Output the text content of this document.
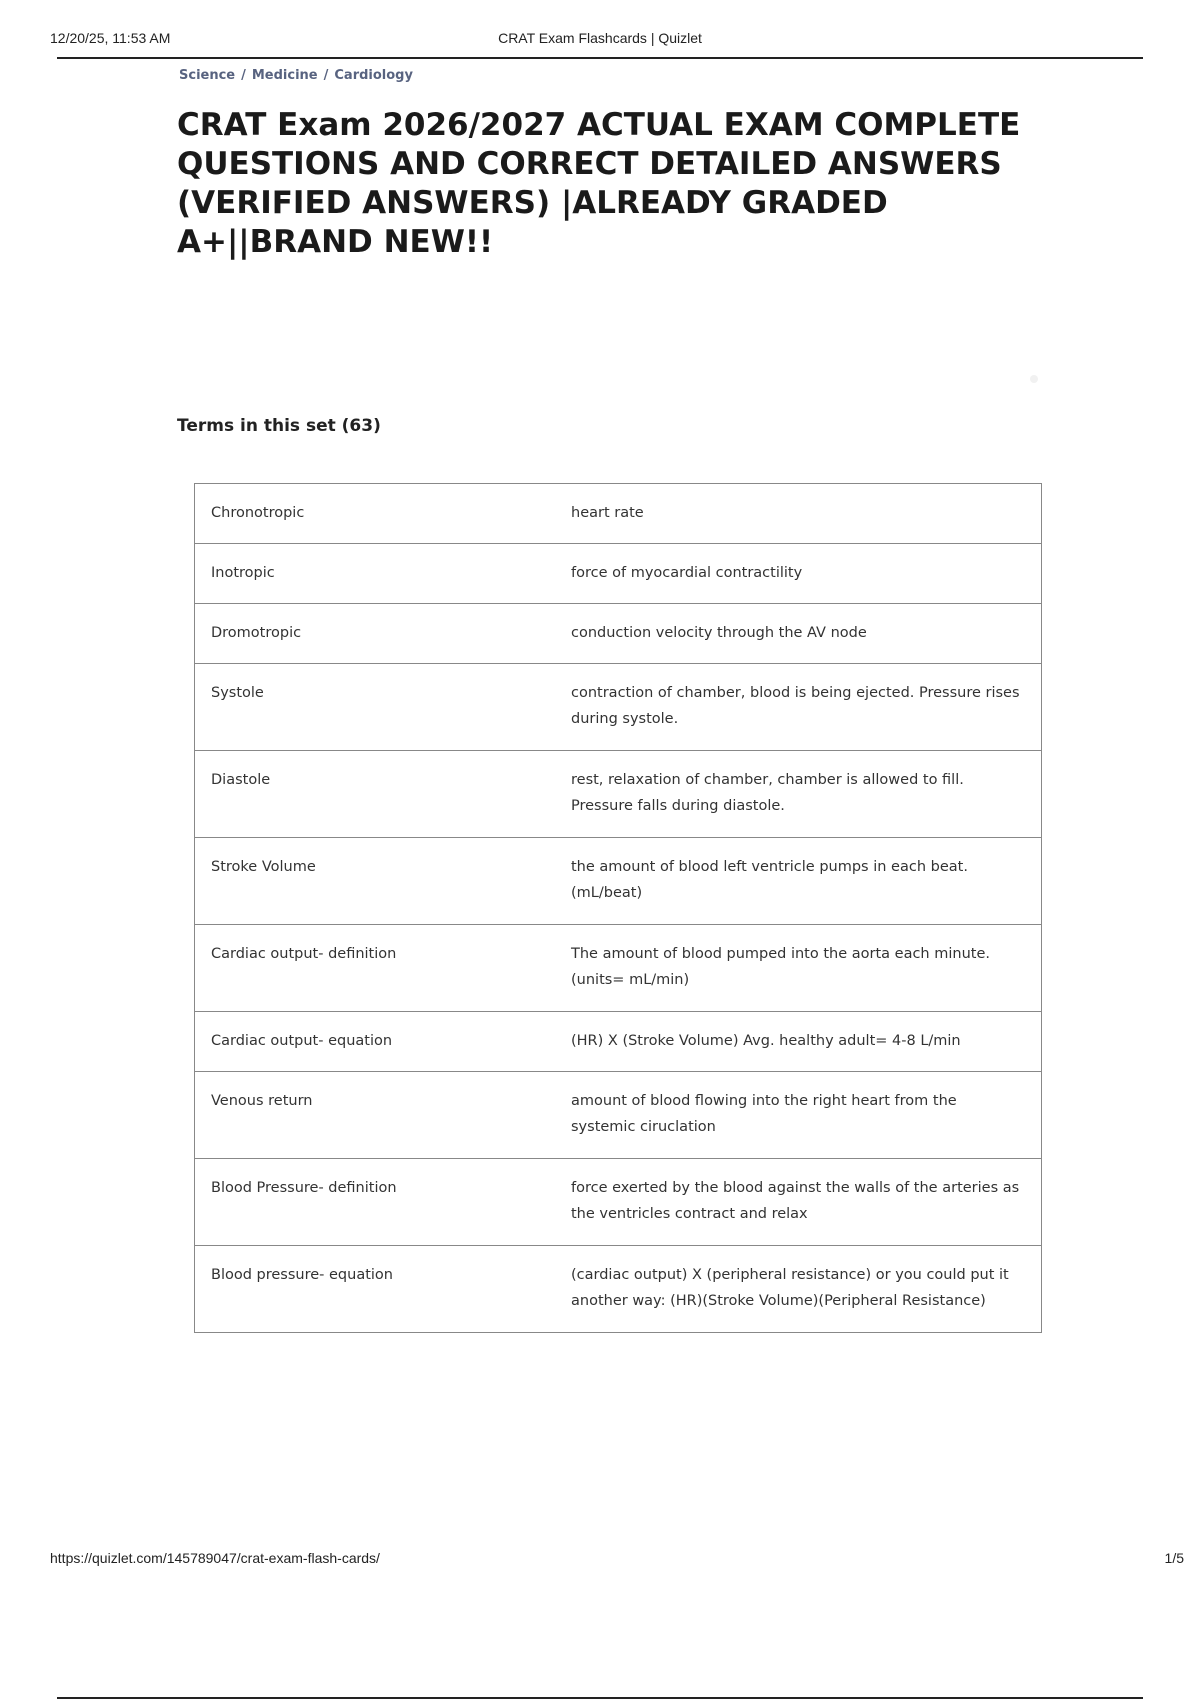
12/20/25, 11:53 AM	CRAT Exam Flashcards | Quizlet
Science / Medicine / Cardiology
CRAT Exam 2026/2027 ACTUAL EXAM COMPLETE QUESTIONS AND CORRECT DETAILED ANSWERS (VERIFIED ANSWERS) |ALREADY GRADED A+||BRAND NEW!!
Terms in this set (63)
Chronotropic	heart rate
Inotropic	force of myocardial contractility
Dromotropic	conduction velocity through the AV node
Systole	contraction of chamber, blood is being ejected. Pressure rises during systole.
Diastole	rest, relaxation of chamber, chamber is allowed to fill. Pressure falls during diastole.
Stroke Volume	the amount of blood left ventricle pumps in each beat. (mL/beat)
Cardiac output- definition	The amount of blood pumped into the aorta each minute. (units= mL/min)
Cardiac output- equation	(HR) X (Stroke Volume) Avg. healthy adult= 4-8 L/min
Venous return	amount of blood flowing into the right heart from the systemic ciruclation
Blood Pressure- definition	force exerted by the blood against the walls of the arteries as the ventricles contract and relax
Blood pressure- equation	(cardiac output) X (peripheral resistance) or you could put it another way: (HR)(Stroke Volume)(Peripheral Resistance)
https://quizlet.com/145789047/crat-exam-flash-cards/	1/5
